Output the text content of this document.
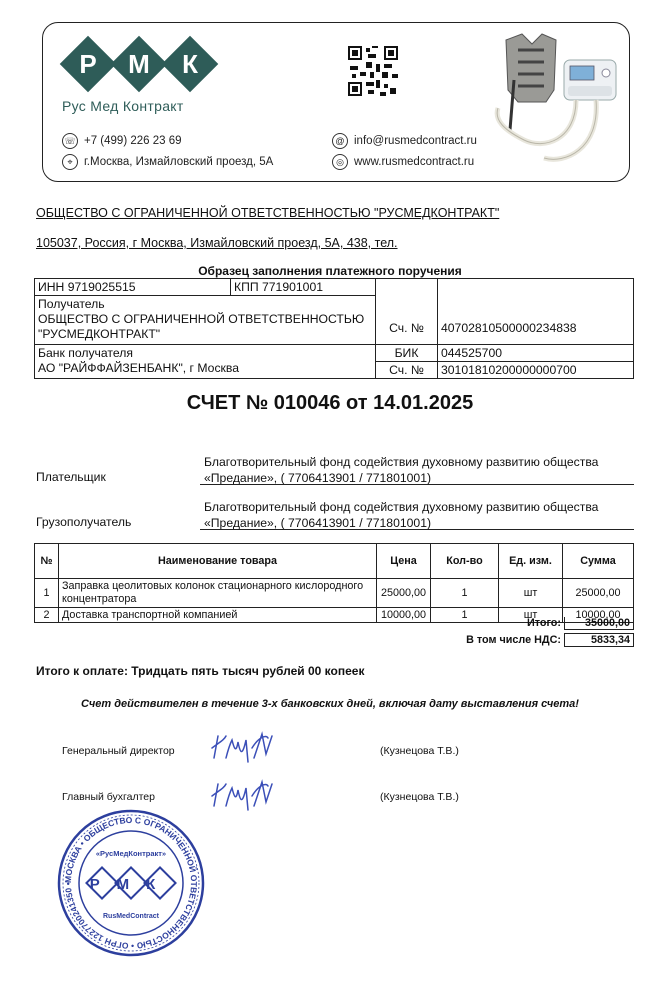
Р	М	К
Рус Мед Контракт
☏ +7 (499) 226 23 69
⌖ г.Москва, Измайловский проезд, 5А
@ info@rusmedcontract.ru
◎ www.rusmedcontract.ru
ОБЩЕСТВО С ОГРАНИЧЕННОЙ ОТВЕТСТВЕННОСТЬЮ "РУСМЕДКОНТРАКТ"
105037, Россия, г Москва, Измайловский проезд, 5А, 438, тел.
Образец заполнения платежного поручения
ИНН 9719025515	КПП 771901001	Сч. №	40702810500000234838

Получатель
ОБЩЕСТВО С ОГРАНИЧЕННОЙ ОТВЕТСТВЕННОСТЬЮ "РУСМЕДКОНТРАКТ"			

Банк получателя
АО "РАЙФФАЙЗЕНБАНК", г Москва		БИК	044525700
		Сч. №	30101810200000000700
СЧЕТ № 010046 от 14.01.2025
Плательщик
Благотворительный фонд содействия духовному развитию общества
«Предание», ( 7706413901 / 771801001)
Грузополучатель
Благотворительный фонд содействия духовному развитию общества
«Предание», ( 7706413901 / 771801001)
№	Наименование товара	Цена	Кол-во	Ед. изм.	Сумма
1	Заправка цеолитовых колонок стационарного кислородного концентратора	25000,00	1	шт	25000,00
2	Доставка транспортной компанией	10000,00	1	шт	10000,00
Итого: 35000,00
В том числе НДС:	5833,34
Итого к оплате: Тридцать пять тысяч рублей 00 копеек
Счет действителен в течение 3-х банковских дней, включая дату выставления счета!
Генеральный директор	(Кузнецова Т.В.)
Главный бухгалтер	(Кузнецова Т.В.)
МОСКВА • ОБЩЕСТВО С ОГРАНИЧЕННОЙ ОТВЕТСТВЕННОСТЬЮ • ОГРН 1227700241350 •
«РусМедКонтракт»
РМК
RusMedContract
